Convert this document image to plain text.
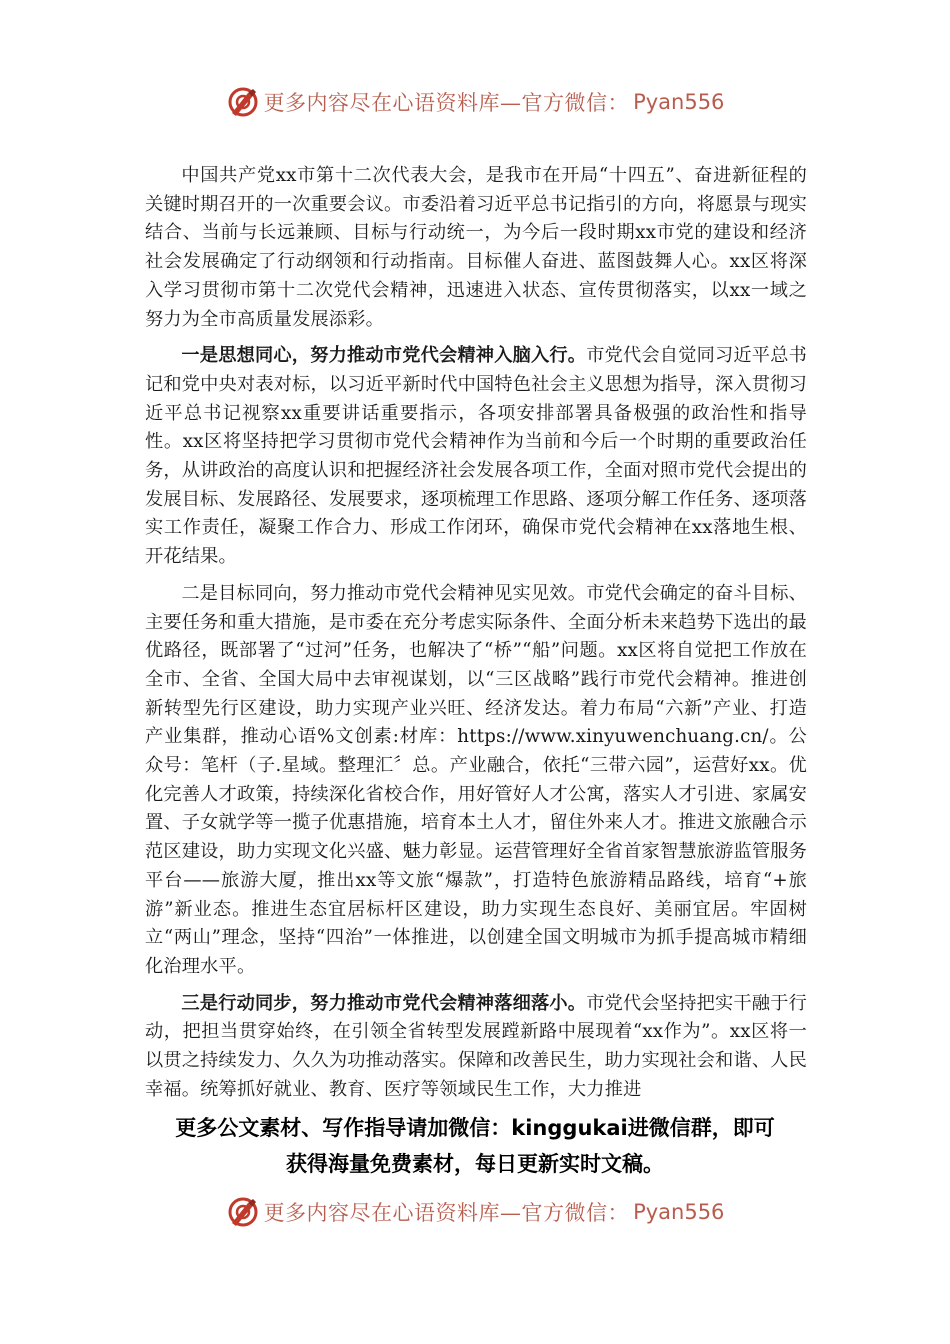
更多内容尽在心语资料库—官方微信： Pyan556

中国共产党xx市第十二次代表大会，是我市在开局“十四五”、奋进新征程的关键时期召开的一次重要会议。市委沿着习近平总书记指引的方向，将愿景与现实结合、当前与长远兼顾、目标与行动统一，为今后一段时期xx市党的建设和经济社会发展确定了行动纲领和行动指南。目标催人奋进、蓝图鼓舞人心。xx区将深入学习贯彻市第十二次党代会精神，迅速进入状态、宣传贯彻落实，以xx一域之努力为全市高质量发展添彩。

一是思想同心，努力推动市党代会精神入脑入行。市党代会自觉同习近平总书记和党中央对表对标，以习近平新时代中国特色社会主义思想为指导，深入贯彻习近平总书记视察xx重要讲话重要指示，各项安排部署具备极强的政治性和指导性。xx区将坚持把学习贯彻市党代会精神作为当前和今后一个时期的重要政治任务，从讲政治的高度认识和把握经济社会发展各项工作，全面对照市党代会提出的发展目标、发展路径、发展要求，逐项梳理工作思路、逐项分解工作任务、逐项落实工作责任，凝聚工作合力、形成工作闭环，确保市党代会精神在xx落地生根、开花结果。

二是目标同向，努力推动市党代会精神见实见效。市党代会确定的奋斗目标、主要任务和重大措施，是市委在充分考虑实际条件、全面分析未来趋势下选出的最优路径，既部署了“过河”任务，也解决了“桥”“船”问题。xx区将自觉把工作放在全市、全省、全国大局中去审视谋划，以“三区战略”践行市党代会精神。推进创新转型先行区建设，助力实现产业兴旺、经济发达。着力布局“六新”产业、打造产业集群，推动心语%文创素:材库：https://www.xinyuwenchuang.cn/。公众号：笔杆（子.星域。整理汇〞总。产业融合，依托“三带六园”，运营好xx。优化完善人才政策，持续深化省校合作，用好管好人才公寓，落实人才引进、家属安置、子女就学等一揽子优惠措施，培育本土人才，留住外来人才。推进文旅融合示范区建设，助力实现文化兴盛、魅力彰显。运营管理好全省首家智慧旅游监管服务平台——旅游大厦，推出xx等文旅“爆款”，打造特色旅游精品路线，培育“+旅游”新业态。推进生态宜居标杆区建设，助力实现生态良好、美丽宜居。牢固树立“两山”理念，坚持“四治”一体推进，以创建全国文明城市为抓手提高城市精细化治理水平。

三是行动同步，努力推动市党代会精神落细落小。市党代会坚持把实干融于行动，把担当贯穿始终，在引领全省转型发展蹚新路中展现着“xx作为”。xx区将一以贯之持续发力、久久为功推动落实。保障和改善民生，助力实现社会和谐、人民幸福。统筹抓好就业、教育、医疗等领域民生工作，大力推进

更多公文素材、写作指导请加微信：kinggukai进微信群，即可
获得海量免费素材，每日更新实时文稿。
更多内容尽在心语资料库—官方微信： Pyan556
